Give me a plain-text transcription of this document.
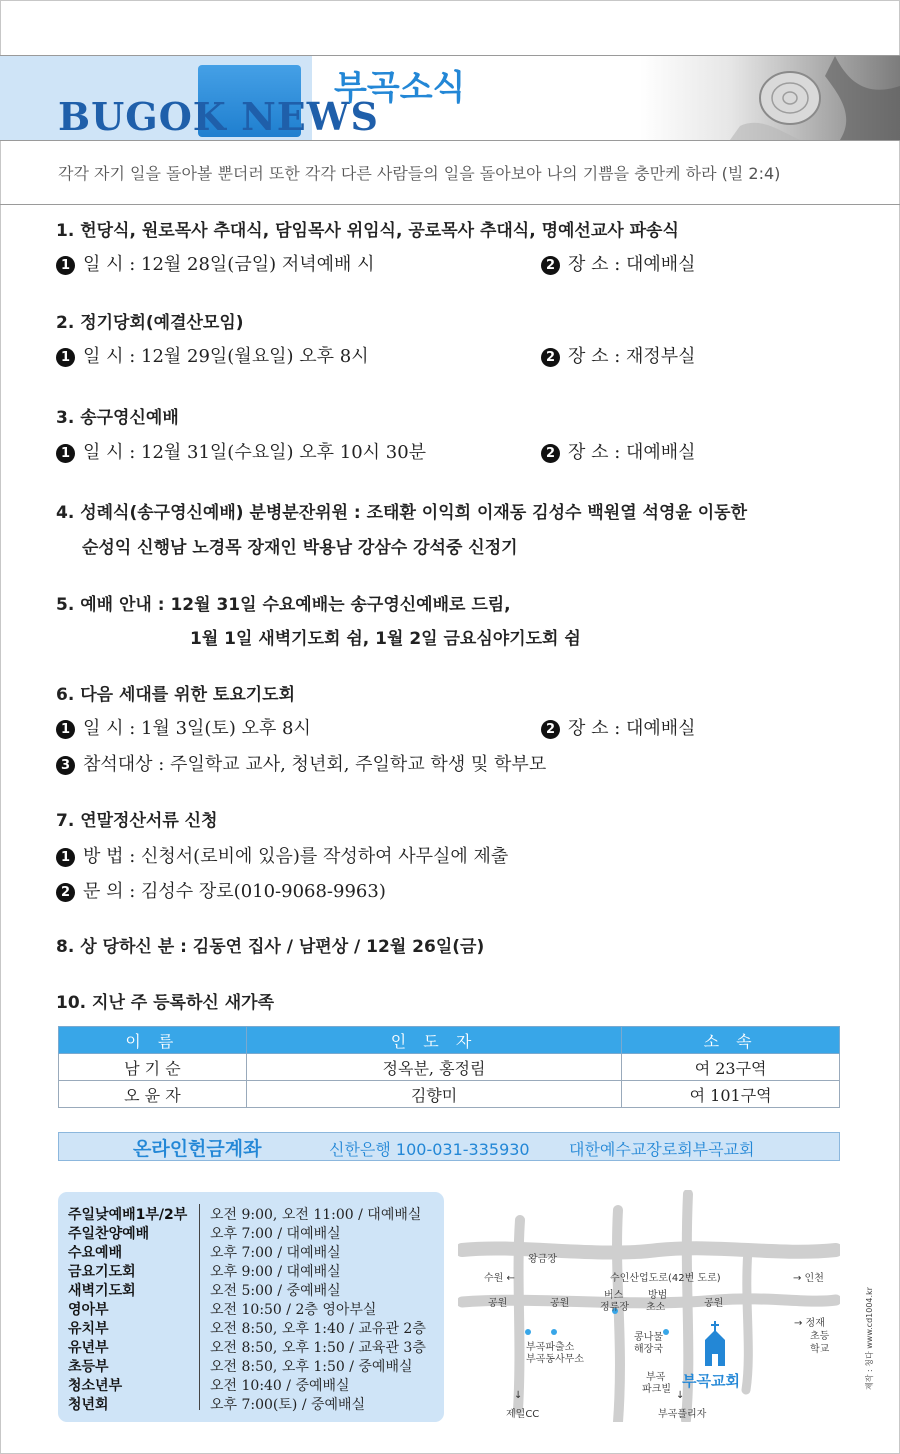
BUGOK NEWS
부곡소식
각각 자기 일을 돌아볼 뿐더러 또한 각각 다른 사람들의 일을 돌아보아 나의 기쁨을 충만케 하라 (빌 2:4)
1. 헌당식, 원로목사 추대식, 담임목사 위임식, 공로목사 추대식, 명예선교사 파송식
1 일 시 : 12월 28일(금일) 저녁예배 시	2 장 소 : 대예배실
2. 정기당회(예결산모임)
1 일 시 : 12월 29일(월요일) 오후 8시	2 장 소 : 재정부실
3. 송구영신예배
1 일 시 : 12월 31일(수요일) 오후 10시 30분	2 장 소 : 대예배실
4. 성례식(송구영신예배) 분병분잔위원 : 조태환 이익희 이재동 김성수 백원열 석영윤 이동한
순성익 신행남 노경목 장재인 박용남 강삼수 강석중 신정기
5. 예배 안내 : 12월 31일 수요예배는 송구영신예배로 드림,
1월 1일 새벽기도회 쉼, 1월 2일 금요심야기도회 쉼
6. 다음 세대를 위한 토요기도회
1 일 시 : 1월 3일(토) 오후 8시	2 장 소 : 대예배실
3 참석대상 : 주일학교 교사, 청년회, 주일학교 학생 및 학부모
7. 연말정산서류 신청
1 방 법 : 신청서(로비에 있음)를 작성하여 사무실에 제출
2 문 의 : 김성수 장로(010-9068-9963)
8. 상 당하신 분 : 김동연 집사 / 남편상 / 12월 26일(금)
10. 지난 주 등록하신 새가족
이 름	인 도 자	소 속
남 기 순	정옥분, 홍정림	여 23구역
오 윤 자	김향미	여 101구역
온라인헌금계좌	신한은행 100-031-335930 대한예수교장로회부곡교회
주일낮예배1부/2부 오전 9:00, 오전 11:00 / 대예배실
주일찬양예배	오후 7:00 / 대예배실
수요예배	오후 7:00 / 대예배실
금요기도회	오후 9:00 / 대예배실
새벽기도회	오전 5:00 / 중예배실
영아부	오전 10:50 / 2층 영아부실
유치부	오전 8:50, 오후 1:40 / 교유관 2층
유년부	오전 8:50, 오후 1:50 / 교육관 3층
초등부	오전 8:50, 오후 1:50 / 중예배실
청소년부	오전 10:40 / 중예배실
청년회	오후 7:00(토) / 중예배실
왕금장
수원 ←	수인산업도로(42번 도로)	→ 인천
공원	공원
버스
정류장
방범
초소	공원
→ 정재
초등
학교
부곡파출소
부곡동사무소
콩나물
해장국
부곡
파크빌 부곡교회
↓
제일CC
↓
부곡플리자
제작 : 청다 www.cd1004.kr
